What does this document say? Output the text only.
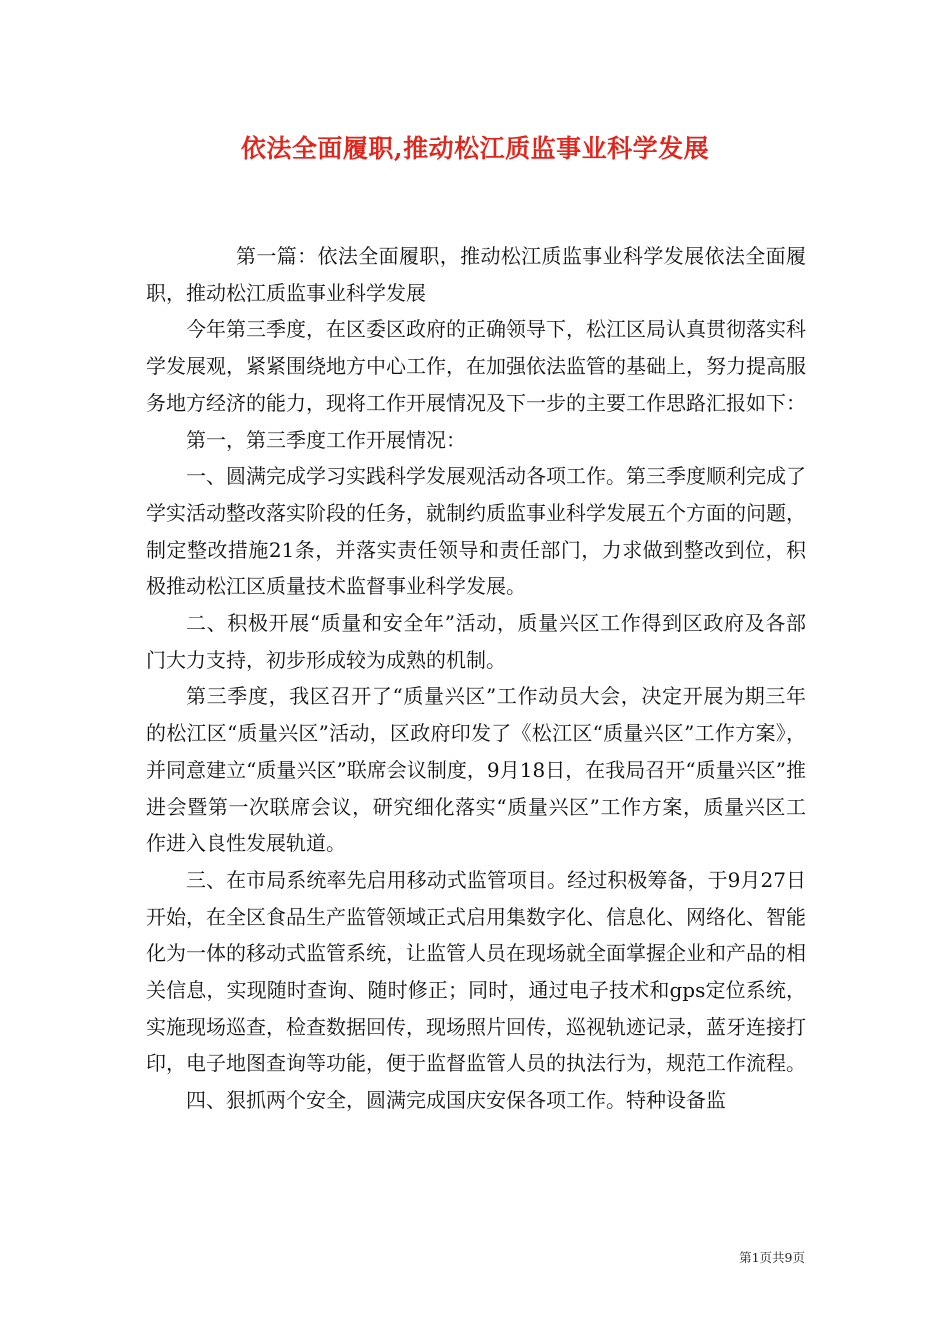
依法全面履职,推动松江质监事业科学发展

第一篇：依法全面履职，推动松江质监事业科学发展依法全面履职，推动松江质监事业科学发展

今年第三季度，在区委区政府的正确领导下，松江区局认真贯彻落实科学发展观，紧紧围绕地方中心工作，在加强依法监管的基础上，努力提高服务地方经济的能力，现将工作开展情况及下一步的主要工作思路汇报如下：

第一，第三季度工作开展情况：

一、圆满完成学习实践科学发展观活动各项工作。第三季度顺利完成了学实活动整改落实阶段的任务，就制约质监事业科学发展五个方面的问题，制定整改措施21条，并落实责任领导和责任部门，力求做到整改到位，积极推动松江区质量技术监督事业科学发展。

二、积极开展“质量和安全年”活动，质量兴区工作得到区政府及各部门大力支持，初步形成较为成熟的机制。

第三季度，我区召开了“质量兴区”工作动员大会，决定开展为期三年的松江区“质量兴区”活动，区政府印发了《松江区“质量兴区”工作方案》，并同意建立“质量兴区”联席会议制度，9月18日，在我局召开“质量兴区”推进会暨第一次联席会议，研究细化落实“质量兴区”工作方案，质量兴区工作进入良性发展轨道。

三、在市局系统率先启用移动式监管项目。经过积极筹备，于9月27日开始，在全区食品生产监管领域正式启用集数字化、信息化、网络化、智能化为一体的移动式监管系统，让监管人员在现场就全面掌握企业和产品的相关信息，实现随时查询、随时修正；同时，通过电子技术和gps定位系统，实施现场巡查，检查数据回传，现场照片回传，巡视轨迹记录，蓝牙连接打印，电子地图查询等功能，便于监督监管人员的执法行为，规范工作流程。

四、狠抓两个安全，圆满完成国庆安保各项工作。特种设备监

第1页共9页
